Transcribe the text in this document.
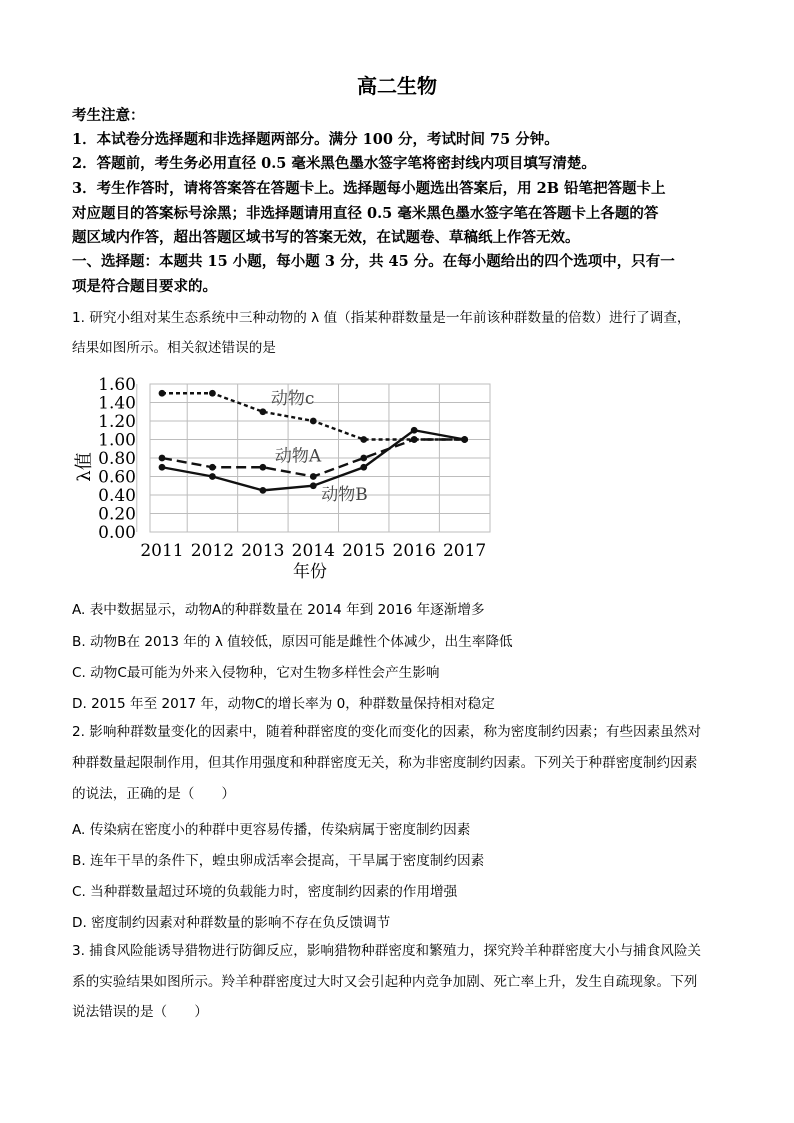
高二生物
考生注意：
1．本试卷分选择题和非选择题两部分。满分 100 分，考试时间 75 分钟。
2．答题前，考生务必用直径 0.5 毫米黑色墨水签字笔将密封线内项目填写清楚。
3．考生作答时，请将答案答在答题卡上。选择题每小题选出答案后，用 2B 铅笔把答题卡上
对应题目的答案标号涂黑；非选择题请用直径 0.5 毫米黑色墨水签字笔在答题卡上各题的答
题区域内作答，超出答题区域书写的答案无效，在试题卷、草稿纸上作答无效。
一、选择题：本题共 15 小题，每小题 3 分，共 45 分。在每小题给出的四个选项中，只有一
项是符合题目要求的。
1. 研究小组对某生态系统中三种动物的 λ 值（指某种群数量是一年前该种群数量的倍数）进行了调查，
结果如图所示。相关叙述错误的是
0.00
0.20
0.40
0.60
0.80
1.00
1.20
1.40
1.60
2011 2012 2013 2014 2015 2016 2017
动物c
动物A
动物B
λ值
年份
A. 表中数据显示，动物A的种群数量在 2014 年到 2016 年逐渐增多
B. 动物B在 2013 年的 λ 值较低，原因可能是雌性个体减少，出生率降低
C. 动物C最可能为外来入侵物种，它对生物多样性会产生影响
D. 2015 年至 2017 年，动物C的增长率为 0，种群数量保持相对稳定
2. 影响种群数量变化的因素中，随着种群密度的变化而变化的因素，称为密度制约因素；有些因素虽然对
种群数量起限制作用，但其作用强度和种群密度无关，称为非密度制约因素。下列关于种群密度制约因素
的说法，正确的是（　　）
A. 传染病在密度小的种群中更容易传播，传染病属于密度制约因素
B. 连年干旱的条件下，蝗虫卵成活率会提高，干旱属于密度制约因素
C. 当种群数量超过环境的负载能力时，密度制约因素的作用增强
D. 密度制约因素对种群数量的影响不存在负反馈调节
3. 捕食风险能诱导猎物进行防御反应，影响猎物种群密度和繁殖力，探究羚羊种群密度大小与捕食风险关
系的实验结果如图所示。羚羊种群密度过大时又会引起种内竞争加剧、死亡率上升，发生自疏现象。下列
说法错误的是（　　）
